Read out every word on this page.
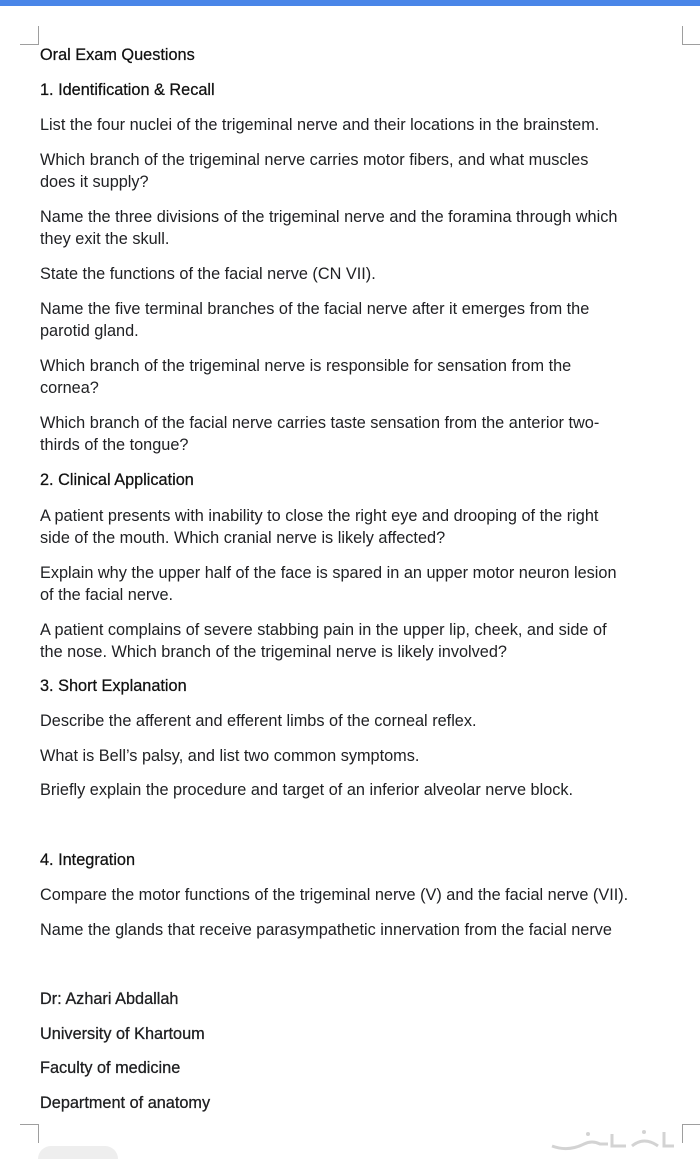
Oral Exam Questions
1. Identification & Recall
List the four nuclei of the trigeminal nerve and their locations in the brainstem.
Which branch of the trigeminal nerve carries motor fibers, and what muscles
does it supply?
Name the three divisions of the trigeminal nerve and the foramina through which
they exit the skull.
State the functions of the facial nerve (CN VII).
Name the five terminal branches of the facial nerve after it emerges from the
parotid gland.
Which branch of the trigeminal nerve is responsible for sensation from the
cornea?
Which branch of the facial nerve carries taste sensation from the anterior two-
thirds of the tongue?
2. Clinical Application
A patient presents with inability to close the right eye and drooping of the right
side of the mouth. Which cranial nerve is likely affected?
Explain why the upper half of the face is spared in an upper motor neuron lesion
of the facial nerve.
A patient complains of severe stabbing pain in the upper lip, cheek, and side of
the nose. Which branch of the trigeminal nerve is likely involved?
3. Short Explanation
Describe the afferent and efferent limbs of the corneal reflex.
What is Bell’s palsy, and list two common symptoms.
Briefly explain the procedure and target of an inferior alveolar nerve block.
4. Integration
Compare the motor functions of the trigeminal nerve (V) and the facial nerve (VII).
Name the glands that receive parasympathetic innervation from the facial nerve
Dr: Azhari Abdallah
University of Khartoum
Faculty of medicine
Department of anatomy
